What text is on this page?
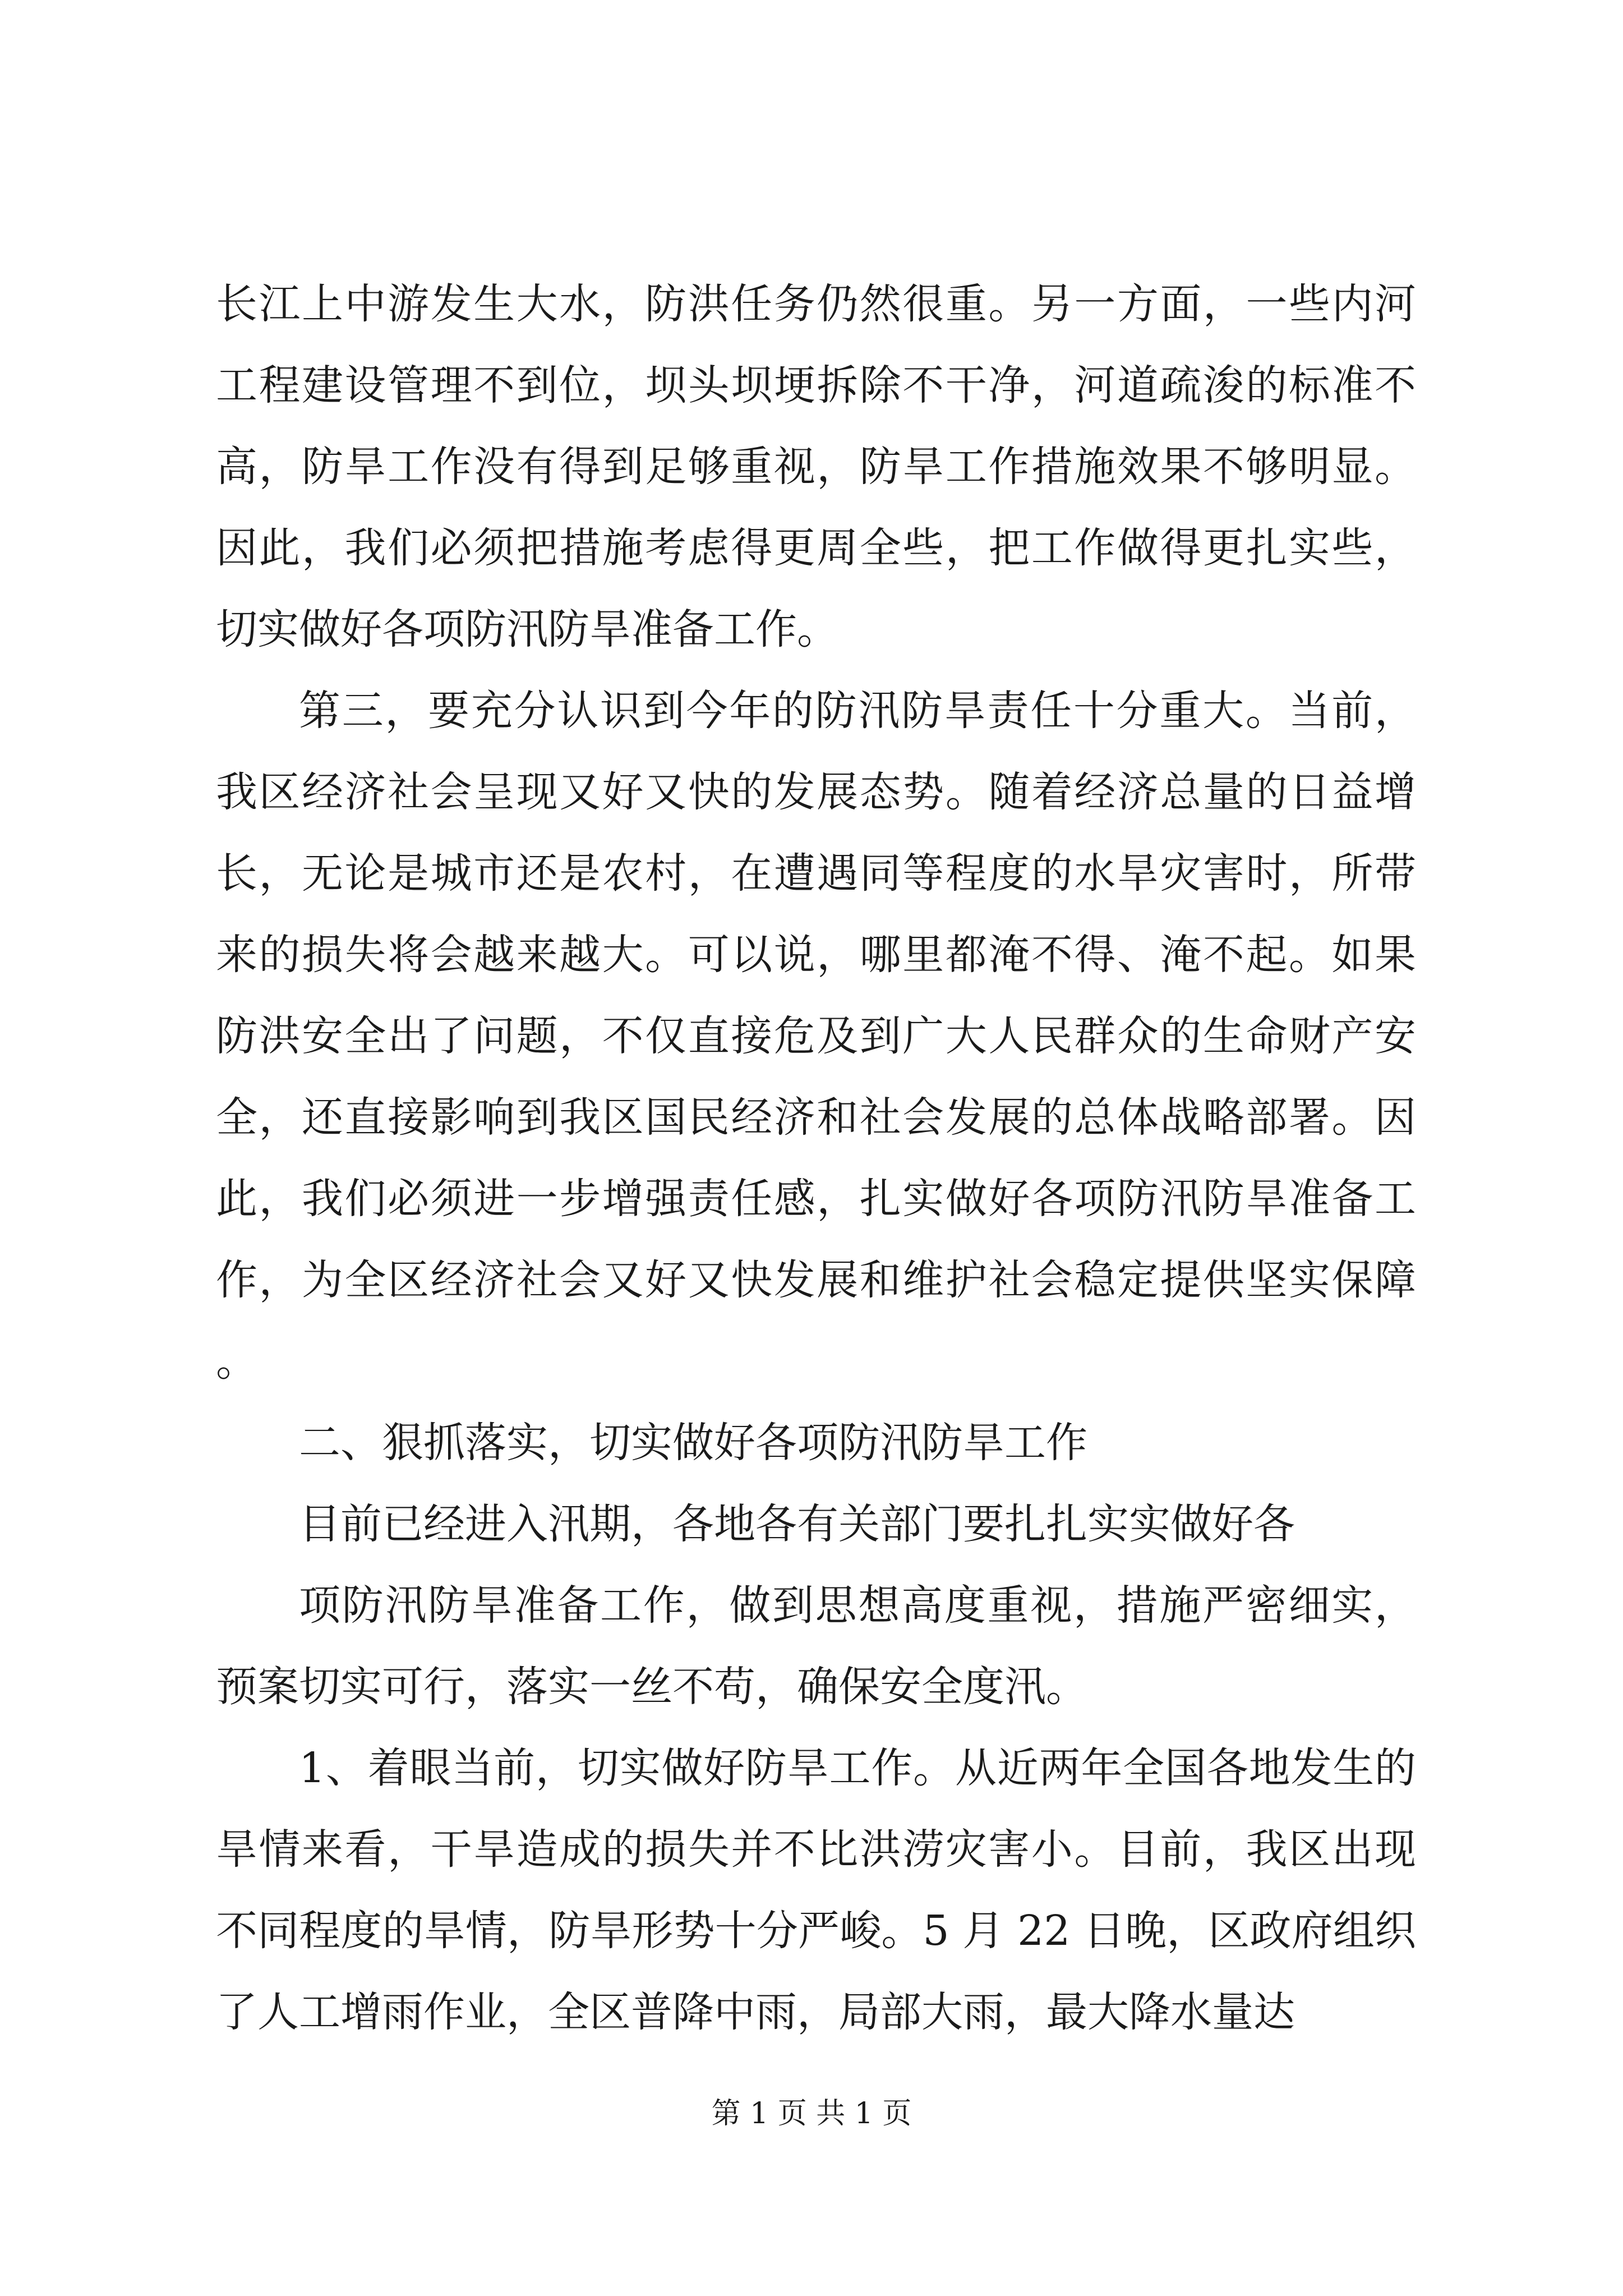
长江上中游发生大水，防洪任务仍然很重。另一方面，一些内河工程建设管理不到位，坝头坝埂拆除不干净，河道疏浚的标准不高，防旱工作没有得到足够重视，防旱工作措施效果不够明显。因此，我们必须把措施考虑得更周全些，把工作做得更扎实些，切实做好各项防汛防旱准备工作。

第三，要充分认识到今年的防汛防旱责任十分重大。当前，我区经济社会呈现又好又快的发展态势。随着经济总量的日益增长，无论是城市还是农村，在遭遇同等程度的水旱灾害时，所带来的损失将会越来越大。可以说，哪里都淹不得、淹不起。如果防洪安全出了问题，不仅直接危及到广大人民群众的生命财产安全，还直接影响到我区国民经济和社会发展的总体战略部署。因此，我们必须进一步增强责任感，扎实做好各项防汛防旱准备工作，为全区经济社会又好又快发展和维护社会稳定提供坚实保障。

二、狠抓落实，切实做好各项防汛防旱工作

目前已经进入汛期，各地各有关部门要扎扎实实做好各

项防汛防旱准备工作，做到思想高度重视，措施严密细实，预案切实可行，落实一丝不苟，确保安全度汛。

1、着眼当前，切实做好防旱工作。从近两年全国各地发生的旱情来看，干旱造成的损失并不比洪涝灾害小。目前，我区出现不同程度的旱情，防旱形势十分严峻。5 月 22 日晚，区政府组织了人工增雨作业，全区普降中雨，局部大雨，最大降水量达

第 1 页 共 1 页
